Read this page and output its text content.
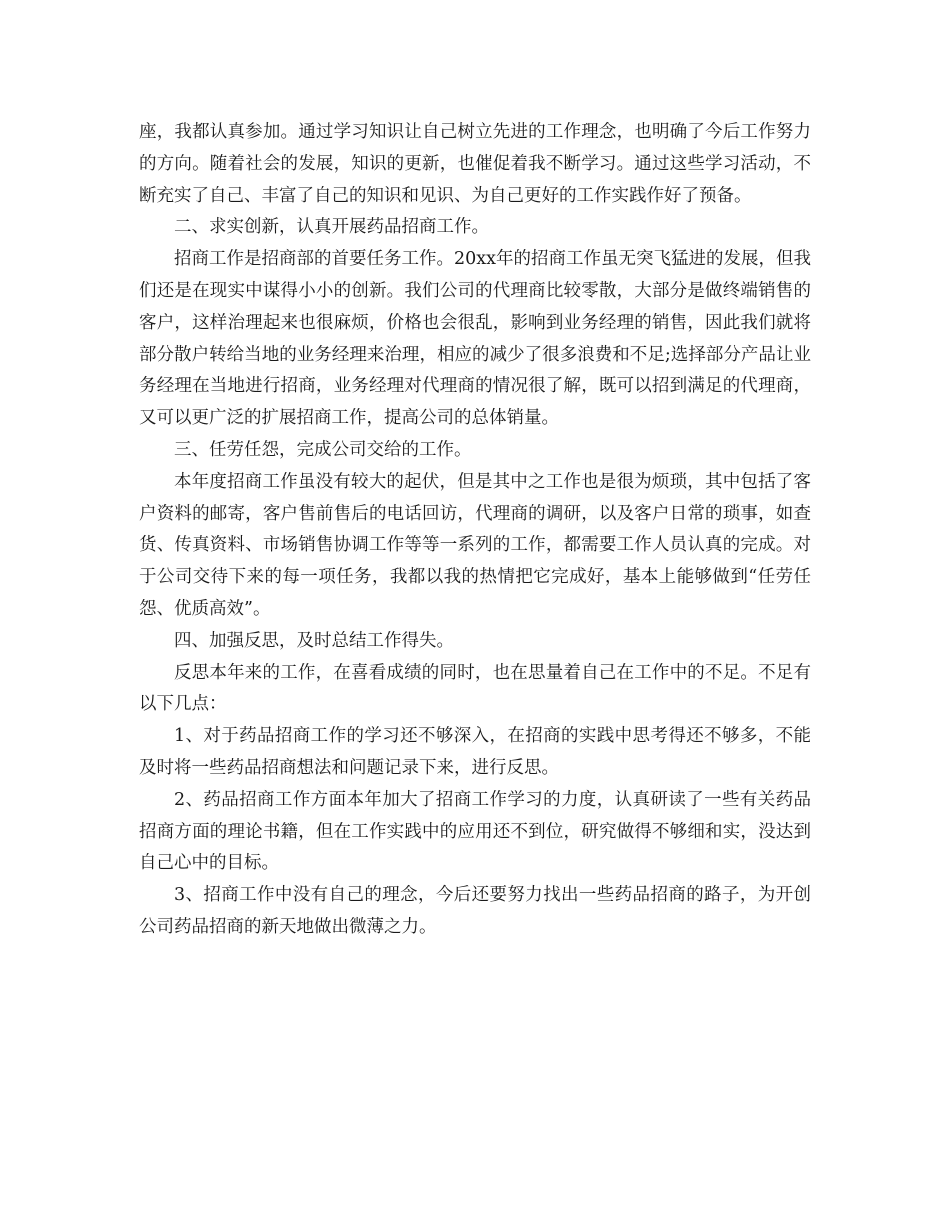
座，我都认真参加。通过学习知识让自己树立先进的工作理念，也明确了今后工作努力的方向。随着社会的发展，知识的更新，也催促着我不断学习。通过这些学习活动，不断充实了自己、丰富了自己的知识和见识、为自己更好的工作实践作好了预备。

二、求实创新，认真开展药品招商工作。

招商工作是招商部的首要任务工作。20xx年的招商工作虽无突飞猛进的发展，但我们还是在现实中谋得小小的创新。我们公司的代理商比较零散，大部分是做终端销售的客户，这样治理起来也很麻烦，价格也会很乱，影响到业务经理的销售，因此我们就将部分散户转给当地的业务经理来治理，相应的减少了很多浪费和不足;选择部分产品让业务经理在当地进行招商，业务经理对代理商的情况很了解，既可以招到满足的代理商，又可以更广泛的扩展招商工作，提高公司的总体销量。

三、任劳任怨，完成公司交给的工作。

本年度招商工作虽没有较大的起伏，但是其中之工作也是很为烦琐，其中包括了客户资料的邮寄，客户售前售后的电话回访，代理商的调研，以及客户日常的琐事，如查货、传真资料、市场销售协调工作等等一系列的工作，都需要工作人员认真的完成。对于公司交待下来的每一项任务，我都以我的热情把它完成好，基本上能够做到“任劳任怨、优质高效”。

四、加强反思，及时总结工作得失。

反思本年来的工作，在喜看成绩的同时，也在思量着自己在工作中的不足。不足有以下几点：

1、对于药品招商工作的学习还不够深入，在招商的实践中思考得还不够多，不能及时将一些药品招商想法和问题记录下来，进行反思。

2、药品招商工作方面本年加大了招商工作学习的力度，认真研读了一些有关药品招商方面的理论书籍，但在工作实践中的应用还不到位，研究做得不够细和实，没达到自己心中的目标。

3、招商工作中没有自己的理念，今后还要努力找出一些药品招商的路子，为开创公司药品招商的新天地做出微薄之力。
